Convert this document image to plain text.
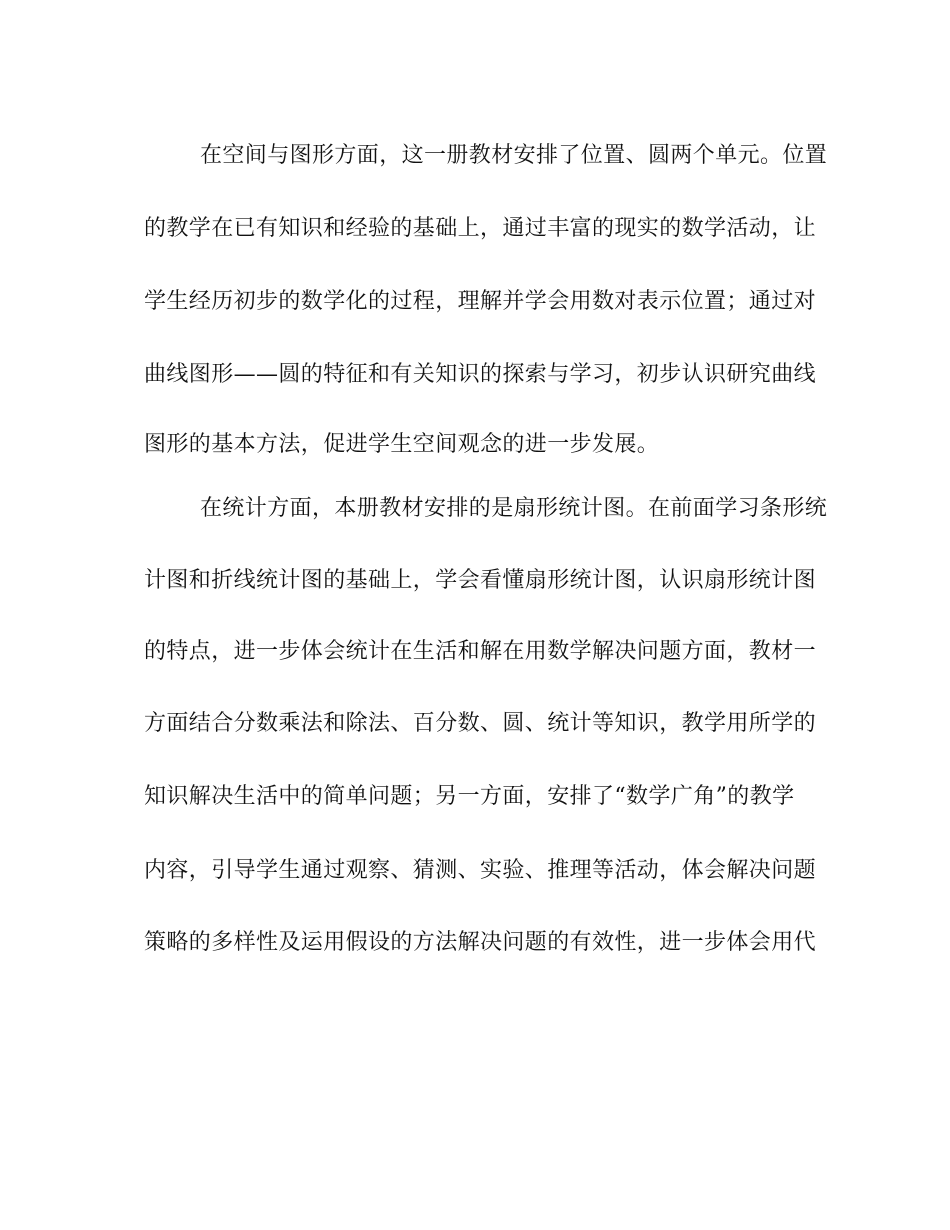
在空间与图形方面，这一册教材安排了位置、圆两个单元。位置
的教学在已有知识和经验的基础上，通过丰富的现实的数学活动，让
学生经历初步的数学化的过程，理解并学会用数对表示位置；通过对
曲线图形——圆的特征和有关知识的探索与学习，初步认识研究曲线
图形的基本方法，促进学生空间观念的进一步发展。
在统计方面，本册教材安排的是扇形统计图。在前面学习条形统
计图和折线统计图的基础上，学会看懂扇形统计图，认识扇形统计图
的特点，进一步体会统计在生活和解在用数学解决问题方面，教材一
方面结合分数乘法和除法、百分数、圆、统计等知识，教学用所学的
知识解决生活中的简单问题；另一方面，安排了“数学广角”的教学
内容，引导学生通过观察、猜测、实验、推理等活动，体会解决问题
策略的多样性及运用假设的方法解决问题的有效性，进一步体会用代
